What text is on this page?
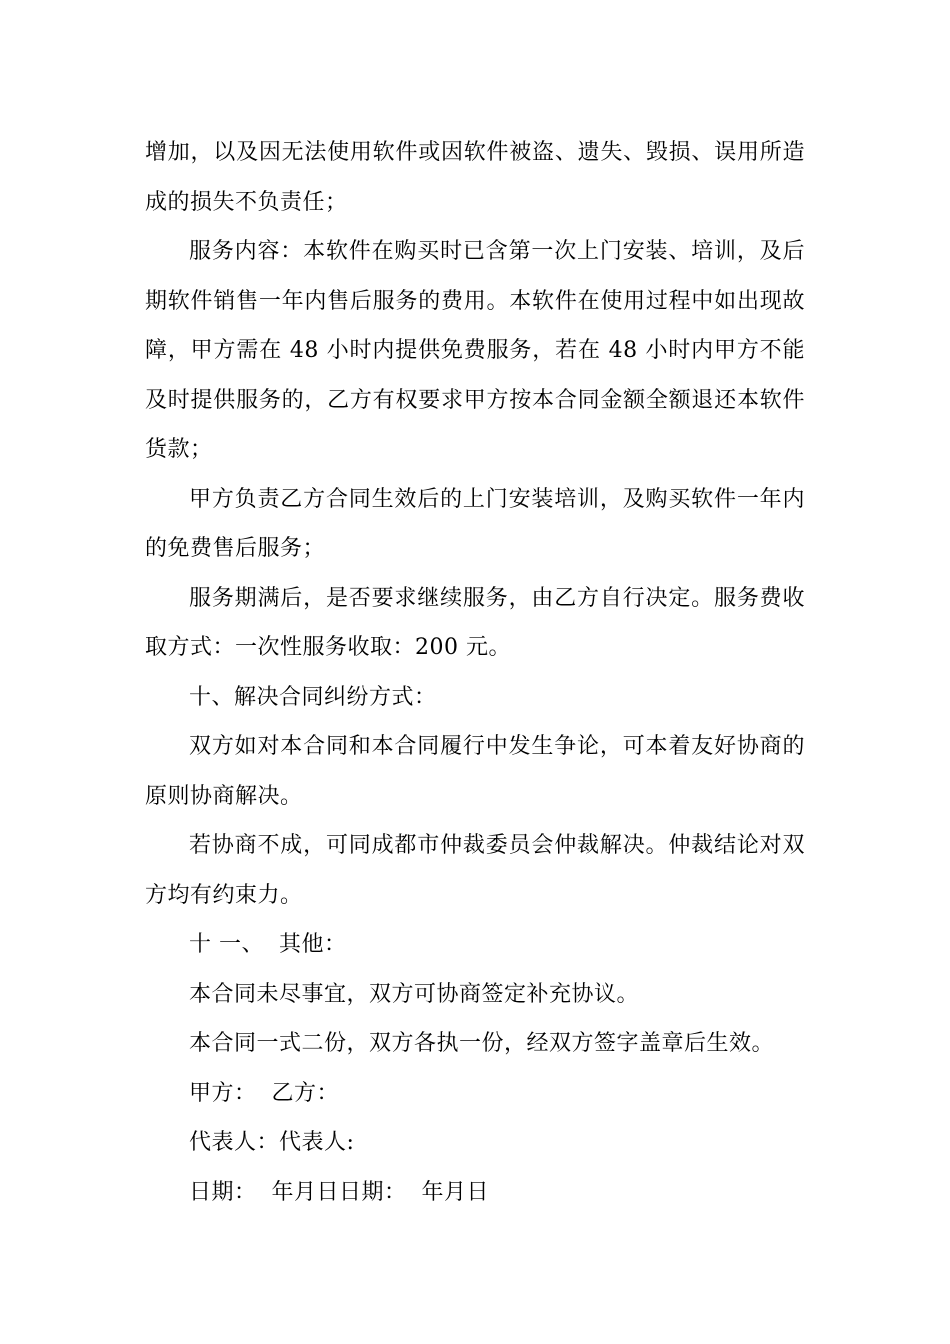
增加，以及因无法使用软件或因软件被盗、遗失、毁损、误用所造成的损失不负责任；

服务内容：本软件在购买时已含第一次上门安装、培训，及后期软件销售一年内售后服务的费用。本软件在使用过程中如出现故障，甲方需在 48 小时内提供免费服务，若在 48 小时内甲方不能及时提供服务的，乙方有权要求甲方按本合同金额全额退还本软件货款；

甲方负责乙方合同生效后的上门安装培训，及购买软件一年内的免费售后服务；

服务期满后，是否要求继续服务，由乙方自行决定。服务费收取方式：一次性服务收取：200 元。

十、解决合同纠纷方式：

双方如对本合同和本合同履行中发生争论，可本着友好协商的原则协商解决。

若协商不成，可同成都市仲裁委员会仲裁解决。仲裁结论对双方均有约束力。

十 一、  其他：

本合同未尽事宜，双方可协商签定补充协议。

本合同一式二份，双方各执一份，经双方签字盖章后生效。

甲方：  乙方：

代表人：代表人:

日期：  年月日日期：  年月日
